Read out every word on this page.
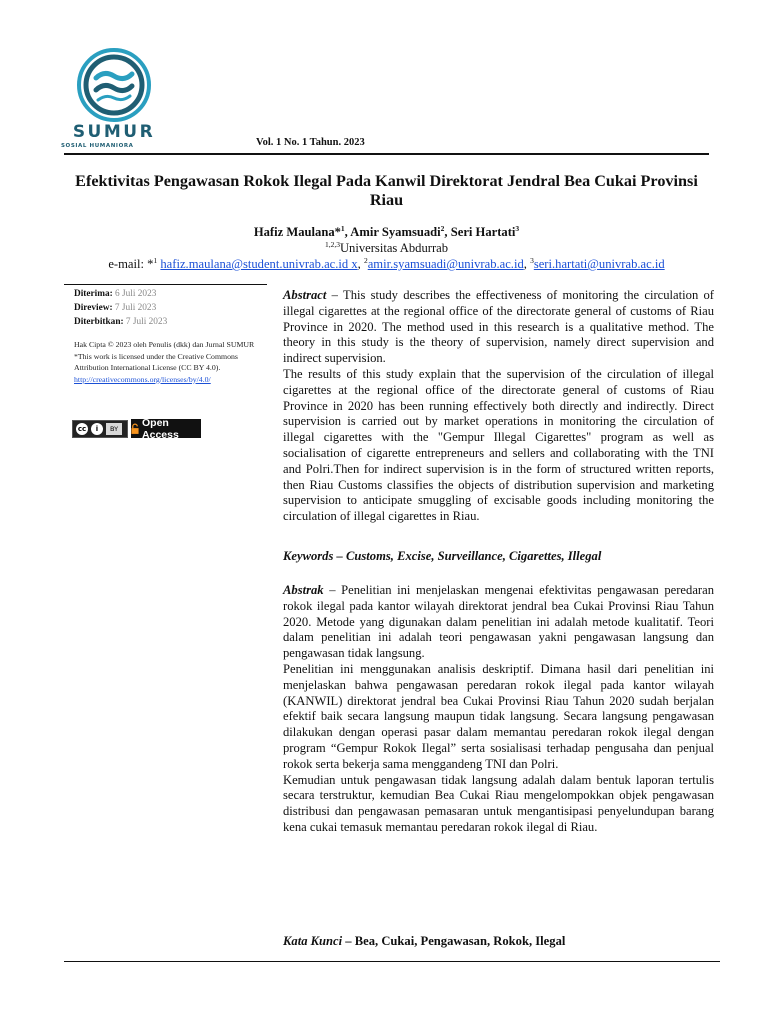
SUMUR
SOSIAL HUMANIORA	Vol. 1 No. 1 Tahun. 2023
Efektivitas Pengawasan Rokok Ilegal Pada Kanwil Direktorat Jendral Bea Cukai Provinsi Riau
Hafiz Maulana*$^1$, Amir Syamsuadi$^2$, Seri Hartati$^3$
$^{1,2,3}$Universitas Abdurrab
e-mail: *$^1$ hafiz.maulana@student.univrab.ac.id x, $^2$amir.syamsuadi@univrab.ac.id, $^3$seri.hartati@univrab.ac.id
Diterima: 6 Juli 2023
Direview: 7 Juli 2023
Diterbitkan: 7 Juli 2023
Hak Cipta © 2023 oleh Penulis (dkk) dan Jurnal SUMUR
*This work is licensed under the Creative Commons Attribution International License (CC BY 4.0).
http://creativecommons.org/licenses/by/4.0/
cc	i	BY
Open Access

Abstract – This study describes the effectiveness of monitoring the circulation of illegal cigarettes at the regional office of the directorate general of customs of Riau Province in 2020. The method used in this research is a qualitative method. The theory in this study is the theory of supervision, namely direct supervision and indirect supervision.

The results of this study explain that the supervision of the circulation of illegal cigarettes at the regional office of the directorate general of customs of Riau Province in 2020 has been running effectively both directly and indirectly. Direct supervision is carried out by market operations in monitoring the circulation of illegal cigarettes with the "Gempur Illegal Cigarettes" program as well as socialisation of cigarette entrepreneurs and sellers and collaborating with the TNI and Polri.Then for indirect supervision is in the form of structured written reports, then Riau Customs classifies the objects of distribution supervision and marketing supervision to anticipate smuggling of excisable goods including monitoring the circulation of illegal cigarettes in Riau.

Keywords – Customs, Excise, Surveillance, Cigarettes, Illegal

Abstrak – Penelitian ini menjelaskan mengenai efektivitas pengawasan peredaran rokok ilegal pada kantor wilayah direktorat jendral bea Cukai Provinsi Riau Tahun 2020. Metode yang digunakan dalam penelitian ini adalah metode kualitatif. Teori dalam penelitian ini adalah teori pengawasan yakni pengawasan langsung dan pengawasan tidak langsung.

Penelitian ini menggunakan analisis deskriptif. Dimana hasil dari penelitian ini menjelaskan bahwa pengawasan peredaran rokok ilegal pada kantor wilayah (KANWIL) direktorat jendral bea Cukai Provinsi Riau Tahun 2020 sudah berjalan efektif baik secara langsung maupun tidak langsung. Secara langsung pengawasan dilakukan dengan operasi pasar dalam memantau peredaran rokok ilegal dengan program “Gempur Rokok Ilegal” serta sosialisasi terhadap pengusaha dan penjual rokok serta bekerja sama menggandeng TNI dan Polri.

Kemudian untuk pengawasan tidak langsung adalah dalam bentuk laporan tertulis secara terstruktur, kemudian Bea Cukai Riau mengelompokkan objek pengawasan distribusi dan pengawasan pemasaran untuk mengantisipasi penyelundupan barang kena cukai temasuk memantau peredaran rokok ilegal di Riau.

Kata Kunci – Bea, Cukai, Pengawasan, Rokok, Ilegal
